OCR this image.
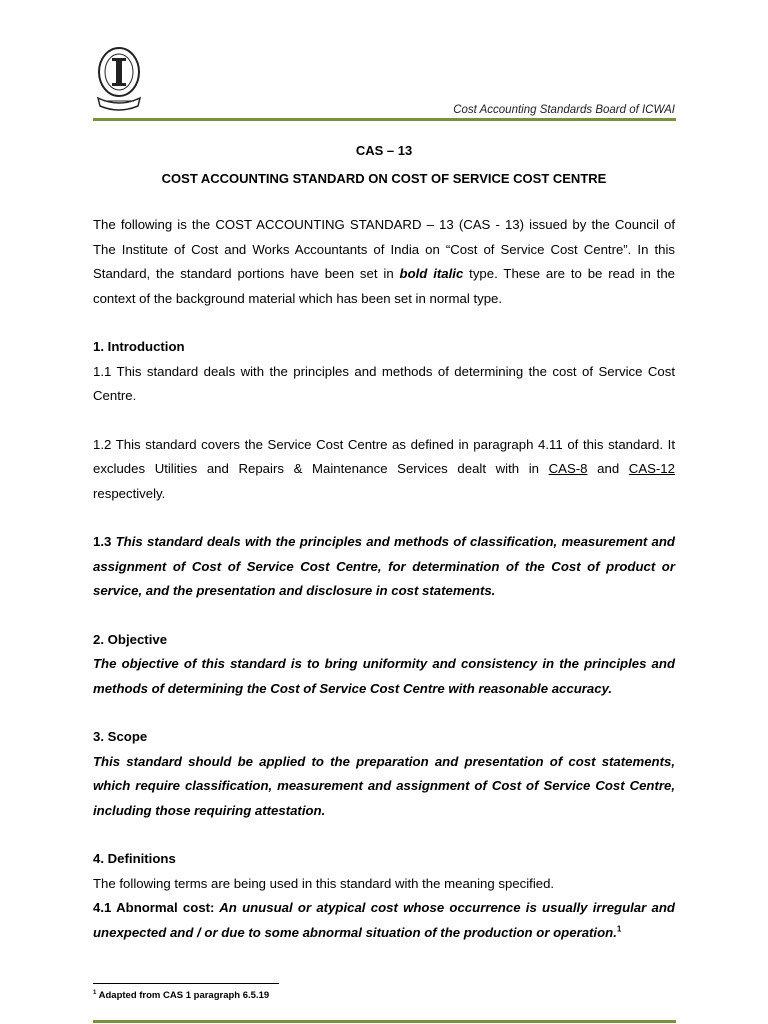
Cost Accounting Standards Board of ICWAI
CAS – 13
COST ACCOUNTING STANDARD ON COST OF SERVICE COST CENTRE

The following is the COST ACCOUNTING STANDARD – 13 (CAS - 13) issued by the Council of The Institute of Cost and Works Accountants of India on “Cost of Service Cost Centre”. In this Standard, the standard portions have been set in bold italic type. These are to be read in the context of the background material which has been set in normal type.

1. Introduction

1.1 This standard deals with the principles and methods of determining the cost of Service Cost Centre.

1.2 This standard covers the Service Cost Centre as defined in paragraph 4.11 of this standard. It excludes Utilities and Repairs & Maintenance Services dealt with in CAS-8 and CAS-12 respectively.

1.3 This standard deals with the principles and methods of classification, measurement and assignment of Cost of Service Cost Centre, for determination of the Cost of product or service, and the presentation and disclosure in cost statements.

2. Objective

The objective of this standard is to bring uniformity and consistency in the principles and methods of determining the Cost of Service Cost Centre with reasonable accuracy.

3. Scope

This standard should be applied to the preparation and presentation of cost statements, which require classification, measurement and assignment of Cost of Service Cost Centre, including those requiring attestation.

4. Definitions

The following terms are being used in this standard with the meaning specified.

4.1 Abnormal cost: An unusual or atypical cost whose occurrence is usually irregular and unexpected and / or due to some abnormal situation of the production or operation.$^1$

$^1$ Adapted from CAS 1 paragraph 6.5.19
